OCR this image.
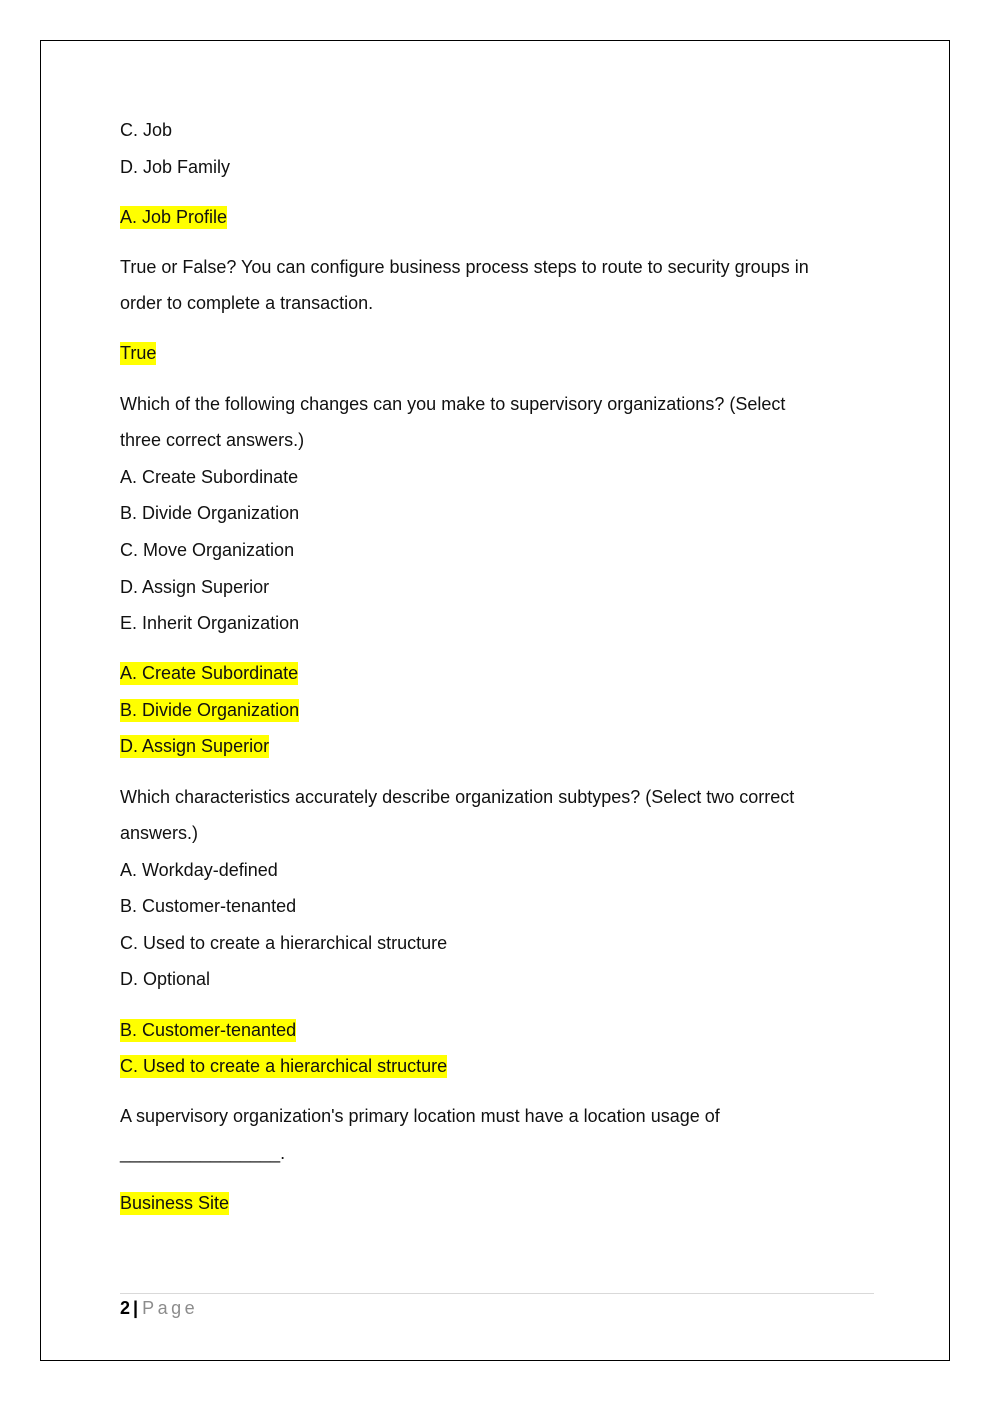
C. Job
D. Job Family
A. Job Profile
True or False? You can configure business process steps to route to security groups in
order to complete a transaction.
True
Which of the following changes can you make to supervisory organizations? (Select
three correct answers.)
A. Create Subordinate
B. Divide Organization
C. Move Organization
D. Assign Superior
E. Inherit Organization
A. Create Subordinate
B. Divide Organization
D. Assign Superior
Which characteristics accurately describe organization subtypes? (Select two correct
answers.)
A. Workday-defined
B. Customer-tenanted
C. Used to create a hierarchical structure
D. Optional
B. Customer-tenanted
C. Used to create a hierarchical structure
A supervisory organization's primary location must have a location usage of
________________.
Business Site
2 | Page
